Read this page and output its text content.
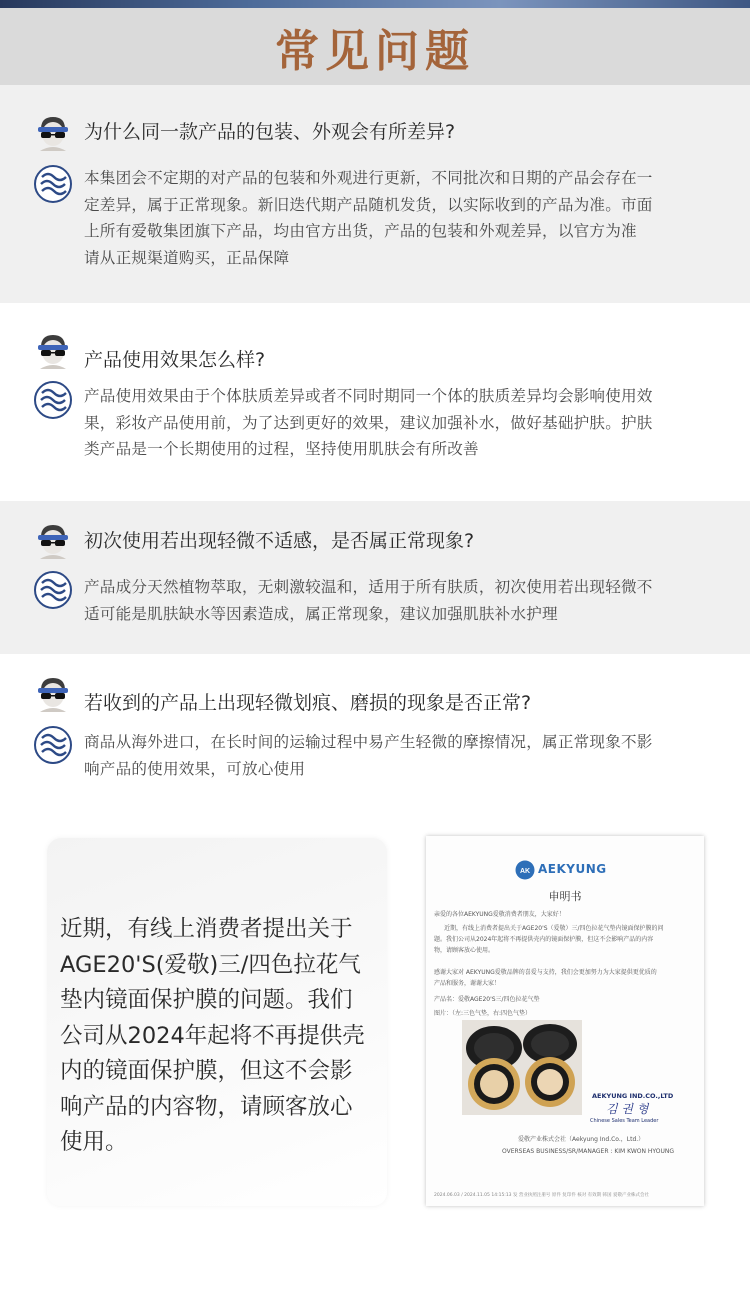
常见问题
为什么同一款产品的包装、外观会有所差异?
本集团会不定期的对产品的包装和外观进行更新，不同批次和日期的产品会存在一
定差异，属于正常现象。新旧迭代期产品随机发货，以实际收到的产品为准。市面
上所有爱敬集团旗下产品，均由官方出货，产品的包装和外观差异，以官方为准
请从正规渠道购买，正品保障
产品使用效果怎么样?
产品使用效果由于个体肤质差异或者不同时期同一个体的肤质差异均会影响使用效
果，彩妆产品使用前，为了达到更好的效果，建议加强补水，做好基础护肤。护肤
类产品是一个长期使用的过程，坚持使用肌肤会有所改善
初次使用若出现轻微不适感，是否属正常现象?
产品成分天然植物萃取，无刺激较温和，适用于所有肤质，初次使用若出现轻微不
适可能是肌肤缺水等因素造成，属正常现象，建议加强肌肤补水护理
若收到的产品上出现轻微划痕、磨损的现象是否正常?
商品从海外进口，在长时间的运输过程中易产生轻微的摩擦情况，属正常现象不影
响产品的使用效果，可放心使用
近期，有线上消费者提出关于
AGE20'S(爱敬)三/四色拉花气
垫内镜面保护膜的问题。我们
公司从2024年起将不再提供壳
内的镜面保护膜，但这不会影
响产品的内容物，请顾客放心
使用。
AK AEKYUNG
申明书
亲爱的各位AEKYUNG爱敬消费者朋友，大家好！
近期，有线上消费者提出关于AGE20'S（爱敬）三/四色拉花气垫内镜面保护膜的问
题。我们公司从2024年起将不再提供壳内的镜面保护膜，但这不会影响产品的内容
物，请顾客放心使用。
感谢大家对 AEKYUNG爱敬品牌的喜爱与支持，我们会更加努力为大家提供更优质的
产品和服务，谢谢大家！
产品名：爱敬AGE20'S三/四色拉花气垫
图片：（左:三色气垫，右:四色气垫）
AEKYUNG IND.CO.,LTD
김 권 형
Chinese Sales Team Leader
爱敬产业株式会社（Aekyung Ind.Co.，Ltd.）
OVERSEAS BUSINESS/SR/MANAGER : KIM KWON HYOUNG
2024.06.03 / 2024.11.05 14:15:13 发 营业执照注册号 原件 复印件 核对 有效期 韩国 爱敬产业株式会社
